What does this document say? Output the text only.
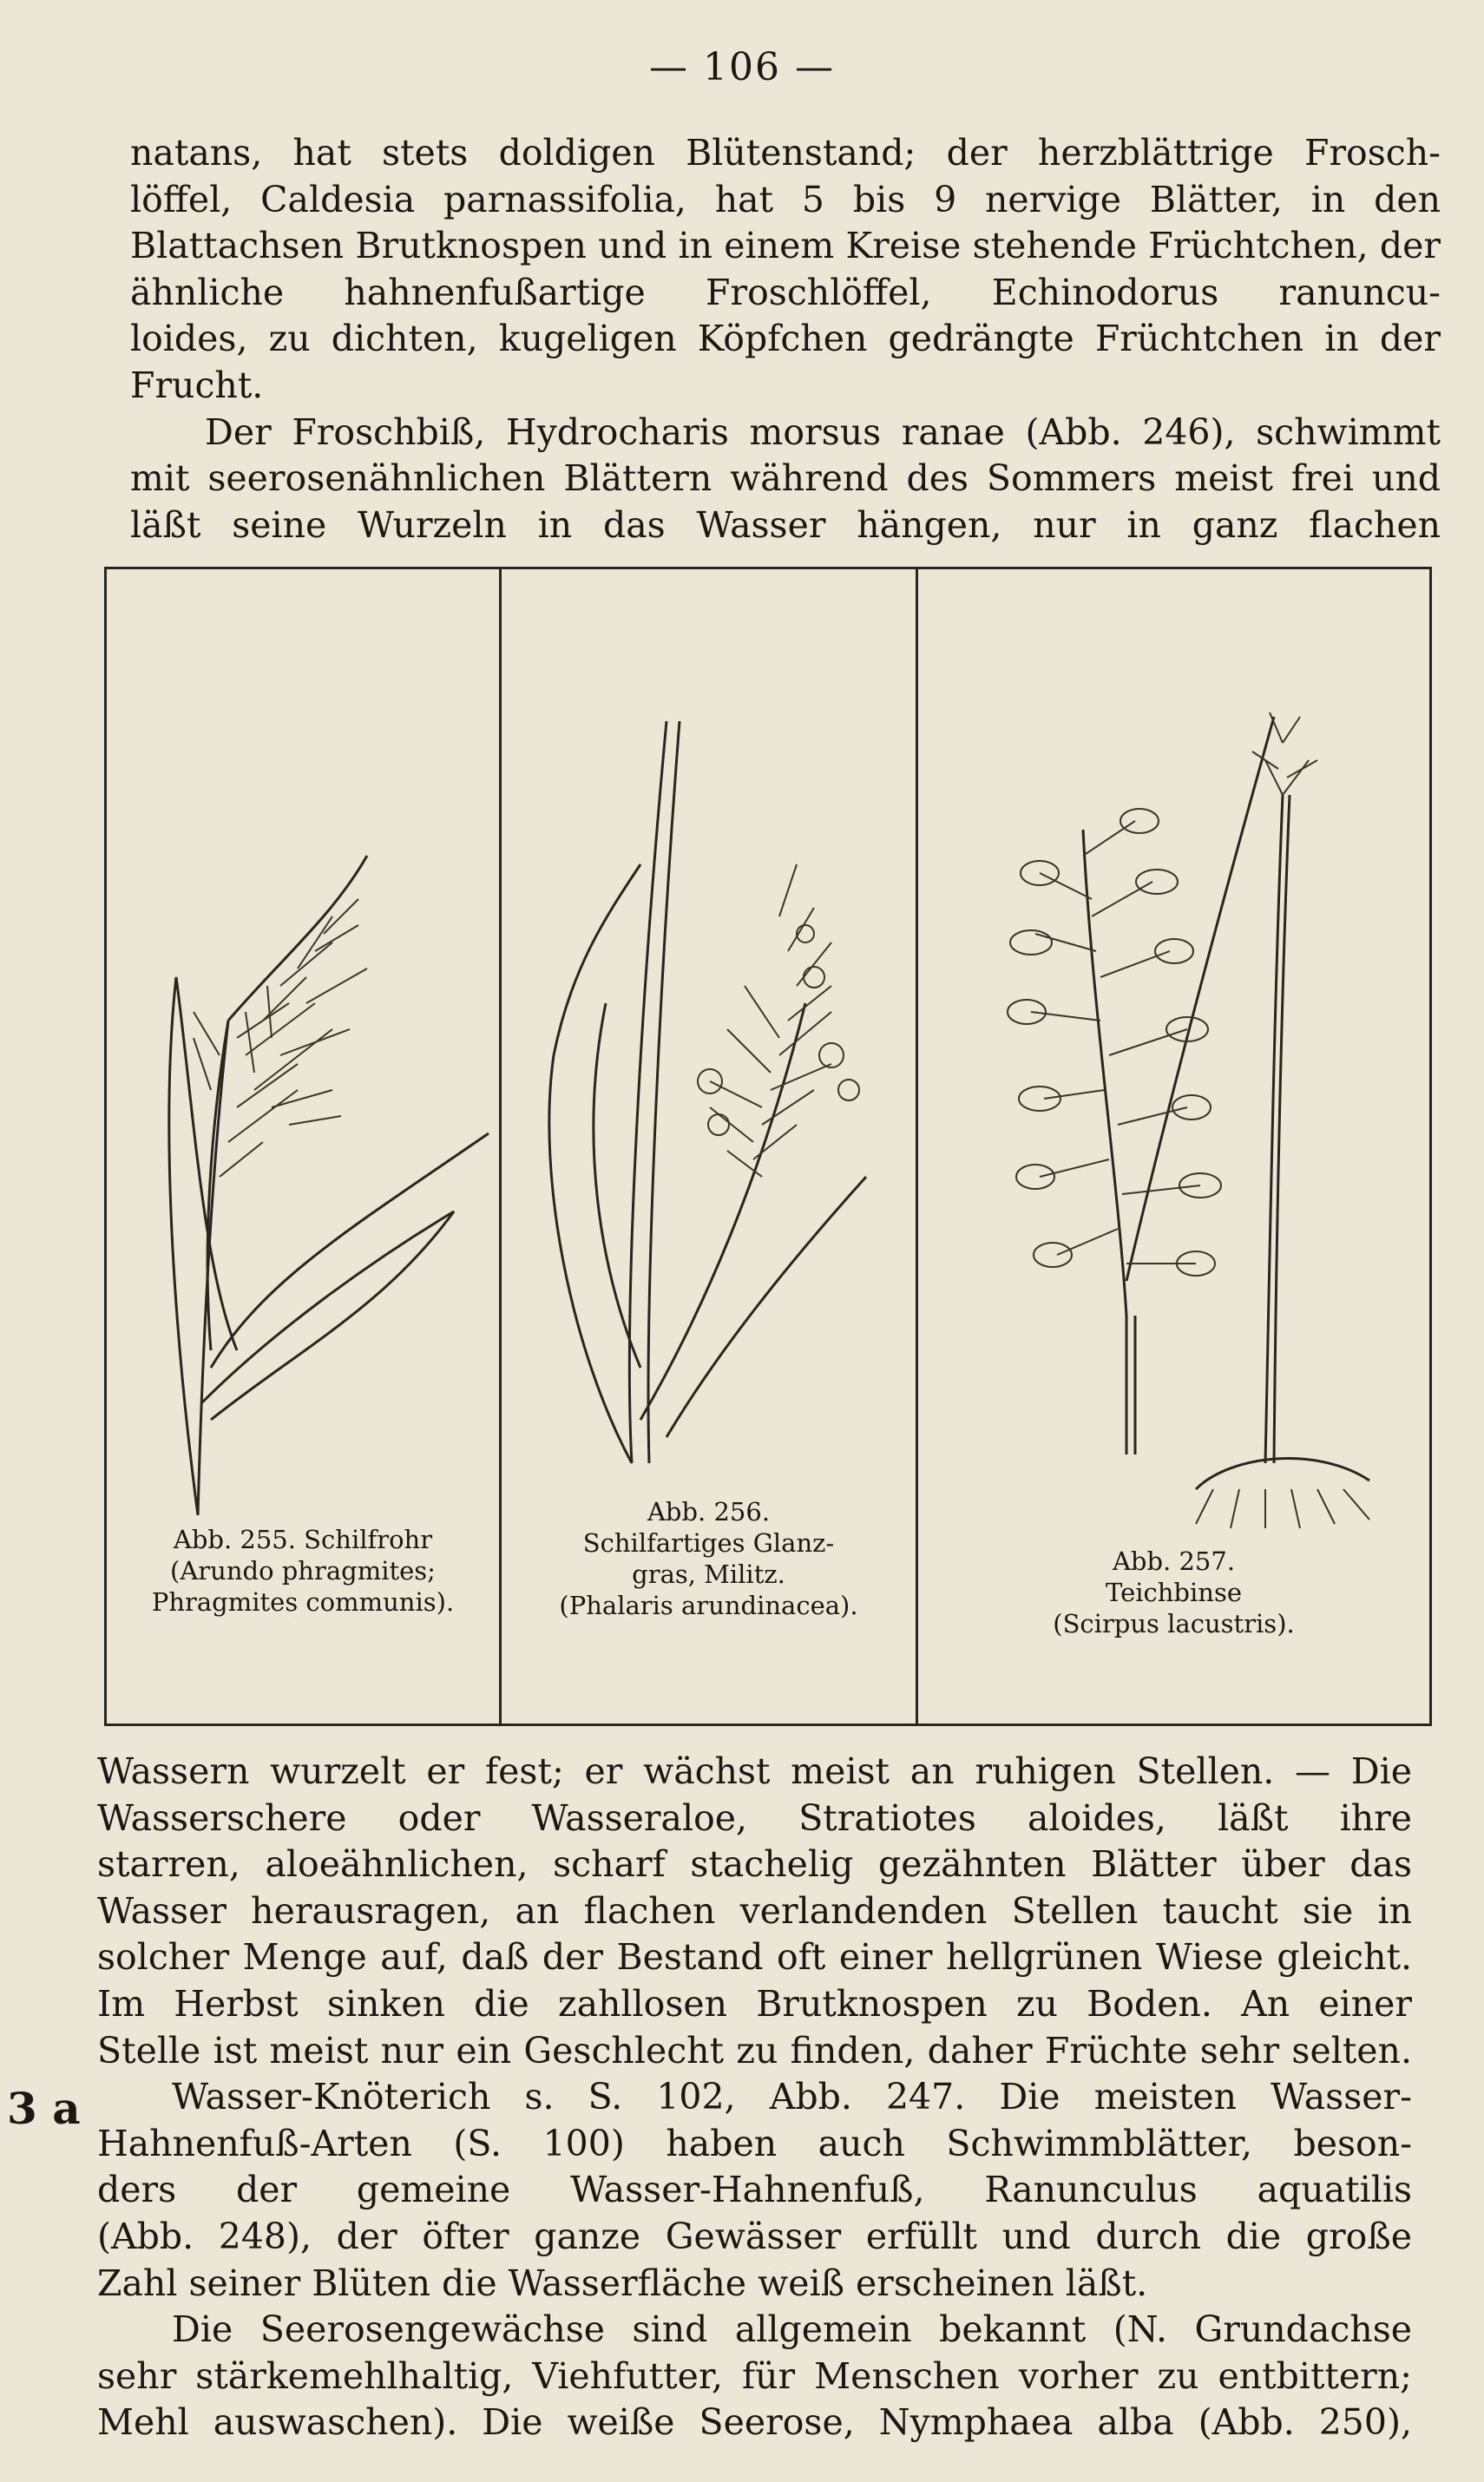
— 106 —
natans, hat stets doldigen Blütenstand; der herzblättrige Frosch-
löffel, Caldesia parnassifolia, hat 5 bis 9 nervige Blätter, in den
Blattachsen Brutknospen und in einem Kreise stehende Früchtchen, der
ähnliche hahnenfußartige Froschlöffel, Echinodorus ranuncu-
loides, zu dichten, kugeligen Köpfchen gedrängte Früchtchen in der
Frucht.
Der Froschbiß, Hydrocharis morsus ranae (Abb. 246), schwimmt
mit seerosenähnlichen Blättern während des Sommers meist frei und
läßt seine Wurzeln in das Wasser hängen, nur in ganz flachen
Abb. 255. Schilfrohr
(Arundo phragmites;
Phragmites communis).
Abb. 256.
Schilfartiges Glanz-
gras, Militz.
(Phalaris arundinacea).
Abb. 257.
Teichbinse
(Scirpus lacustris).
3 a
Wassern wurzelt er fest; er wächst meist an ruhigen Stellen. — Die
Wasserschere oder Wasseraloe, Stratiotes aloides, läßt ihre
starren, aloeähnlichen, scharf stachelig gezähnten Blätter über das
Wasser herausragen, an flachen verlandenden Stellen taucht sie in
solcher Menge auf, daß der Bestand oft einer hellgrünen Wiese gleicht.
Im Herbst sinken die zahllosen Brutknospen zu Boden. An einer
Stelle ist meist nur ein Geschlecht zu finden, daher Früchte sehr selten.
Wasser-Knöterich s. S. 102, Abb. 247. Die meisten Wasser-
Hahnenfuß-Arten (S. 100) haben auch Schwimmblätter, beson-
ders der gemeine Wasser-Hahnenfuß, Ranunculus aquatilis
(Abb. 248), der öfter ganze Gewässer erfüllt und durch die große
Zahl seiner Blüten die Wasserfläche weiß erscheinen läßt.
Die Seerosengewächse sind allgemein bekannt (N. Grundachse
sehr stärkemehlhaltig, Viehfutter, für Menschen vorher zu entbittern;
Mehl auswaschen). Die weiße Seerose, Nymphaea alba (Abb. 250),
